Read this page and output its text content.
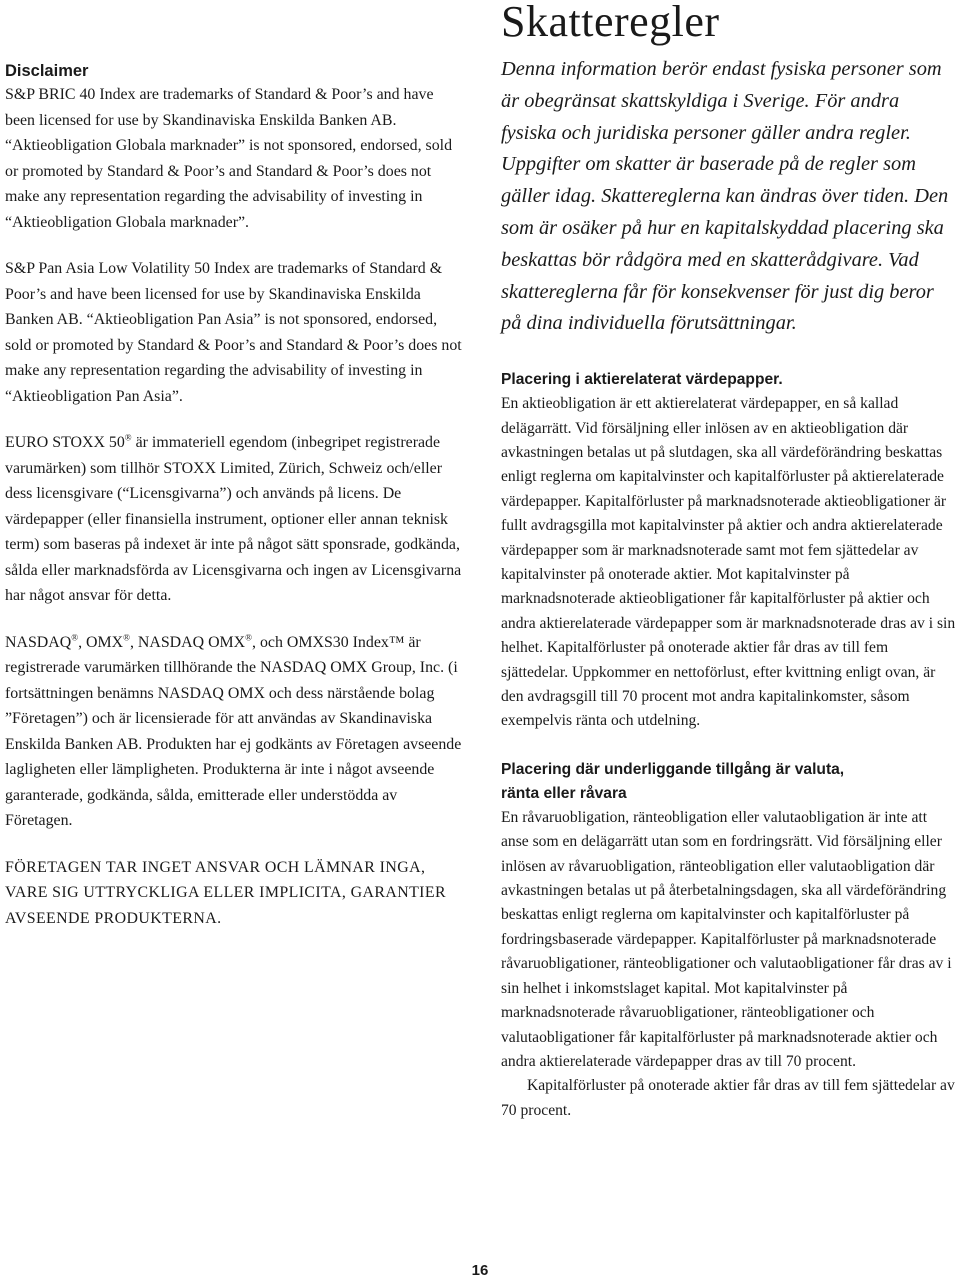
Disclaimer

S&P BRIC 40 Index are trademarks of Standard & Poor’s and have been licensed for use by Skandinaviska Enskilda Banken AB. “Aktieobligation Globala marknader” is not sponsored, endorsed, sold or promoted by Standard & Poor’s and Standard & Poor’s does not make any representation regarding the advisability of investing in “Aktieobligation Globala marknader”.

S&P Pan Asia Low Volatility 50 Index are trademarks of Standard & Poor’s and have been licensed for use by Skandinaviska Enskilda Banken AB. “Aktieobligation Pan Asia” is not sponsored, endorsed, sold or promoted by Standard & Poor’s and Standard & Poor’s does not make any representation regarding the advisability of investing in “Aktieobligation Pan Asia”.

EURO STOXX 50® är immateriell egendom (inbegripet registrerade varumärken) som tillhör STOXX Limited, Zürich, Schweiz och/eller dess licensgivare (“Licensgivarna”) och används på licens. De värdepapper (eller finansiella instrument, optioner eller annan teknisk term) som baseras på indexet är inte på något sätt sponsrade, godkända, sålda eller marknadsförda av Licensgivarna och ingen av Licensgivarna har något ansvar för detta.

NASDAQ®, OMX®, NASDAQ OMX®, och OMXS30 Index™ är registrerade varumärken tillhörande the NASDAQ OMX Group, Inc. (i fortsättningen benämns NASDAQ OMX och dess närstående bolag ”Företagen”) och är licensierade för att användas av Skandinaviska Enskilda Banken AB. Produkten har ej godkänts av Företagen avseende lagligheten eller lämpligheten. Produkterna är inte i något avseende garanterade, godkända, sålda, emitterade eller understödda av Företagen.

FÖRETAGEN TAR INGET ANSVAR OCH LÄMNAR INGA, VARE SIG UTTRYCKLIGA ELLER IMPLICITA, GARANTIER AVSEENDE PRODUKTERNA.

Skatteregler

Denna information berör endast fysiska personer som är obegränsat skattskyldiga i Sverige. För andra fysiska och juridiska personer gäller andra regler. Uppgifter om skatter är baserade på de regler som gäller idag. Skattereglerna kan ändras över tiden. Den som är osäker på hur en kapitalskyddad placering ska beskattas bör rådgöra med en skatterådgivare. Vad skattereglerna får för konsekvenser för just dig beror på dina individuella förutsättningar.

Placering i aktierelaterat värdepapper.

En aktieobligation är ett aktierelaterat värdepapper, en så kallad delägarrätt. Vid försäljning eller inlösen av en aktieobligation där avkastningen betalas ut på slutdagen, ska all värdeförändring beskattas enligt reglerna om kapitalvinster och kapitalförluster på aktierelaterade värdepapper. Kapitalförluster på marknadsnoterade aktieobligationer är fullt avdragsgilla mot kapitalvinster på aktier och andra aktierelaterade värdepapper som är marknadsnoterade samt mot fem sjättedelar av kapitalvinster på onoterade aktier. Mot kapitalvinster på marknadsnoterade aktieobligationer får kapitalförluster på aktier och andra aktierelaterade värdepapper som är marknadsnoterade dras av i sin helhet. Kapitalförluster på onoterade aktier får dras av till fem sjättedelar. Uppkommer en nettoförlust, efter kvittning enligt ovan, är den avdragsgill till 70 procent mot andra kapitalinkomster, såsom exempelvis ränta och utdelning.

Placering där underliggande tillgång är valuta,
ränta eller råvara

En råvaruobligation, ränteobligation eller valutaobligation är inte att anse som en delägarrätt utan som en fordringsrätt. Vid försäljning eller inlösen av råvaruobligation, ränteobligation eller valutaobligation där avkastningen betalas ut på återbetalningsdagen, ska all värdeförändring beskattas enligt reglerna om kapitalvinster och kapitalförluster på fordringsbaserade värdepapper. Kapitalförluster på marknadsnoterade råvaruobligationer, ränteobligationer och valutaobligationer får dras av i sin helhet i inkomstslaget kapital. Mot kapitalvinster på marknadsnoterade råvaruobligationer, ränteobligationer och valutaobligationer får kapitalförluster på marknadsnoterade aktier och andra aktierelaterade värdepapper dras av till 70 procent.

Kapitalförluster på onoterade aktier får dras av till fem sjättedelar av 70 procent.

16
